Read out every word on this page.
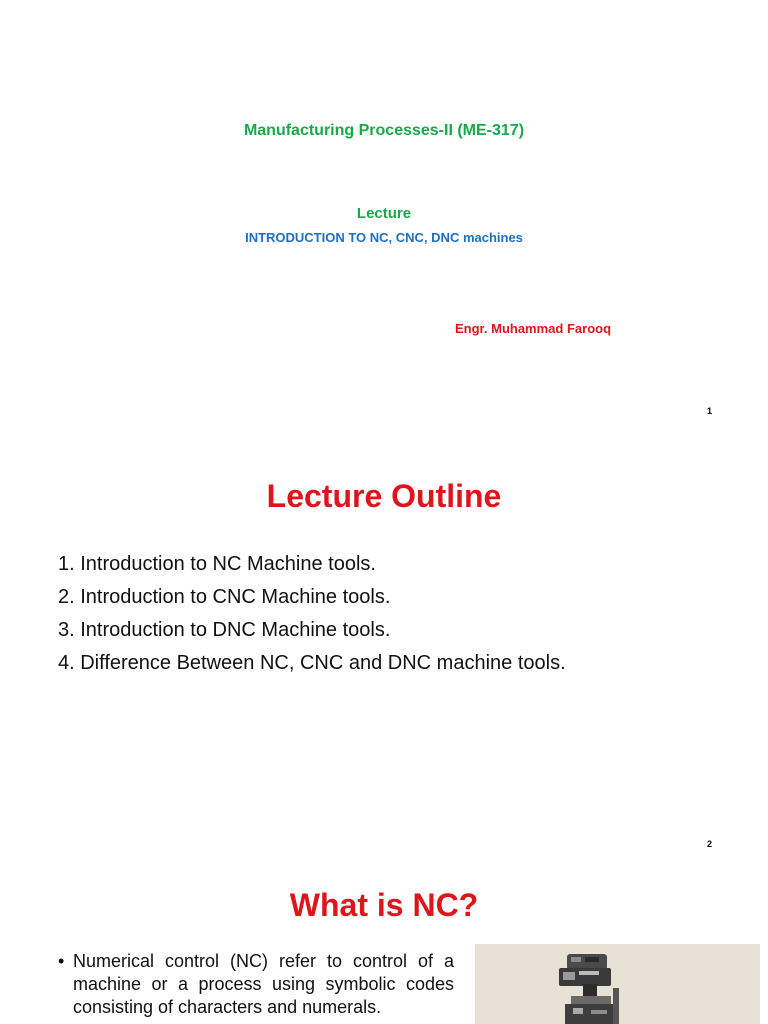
Manufacturing Processes-II (ME-317)
Lecture
INTRODUCTION TO NC, CNC, DNC machines
Engr. Muhammad Farooq
1
Lecture Outline
1. Introduction to NC Machine tools.
2. Introduction to CNC Machine tools.
3. Introduction to DNC Machine tools.
4. Difference Between NC, CNC and DNC machine tools.
2
What is NC?
• Numerical control (NC) refer to control of a
machine or a process using symbolic codes
consisting of characters and numerals.
